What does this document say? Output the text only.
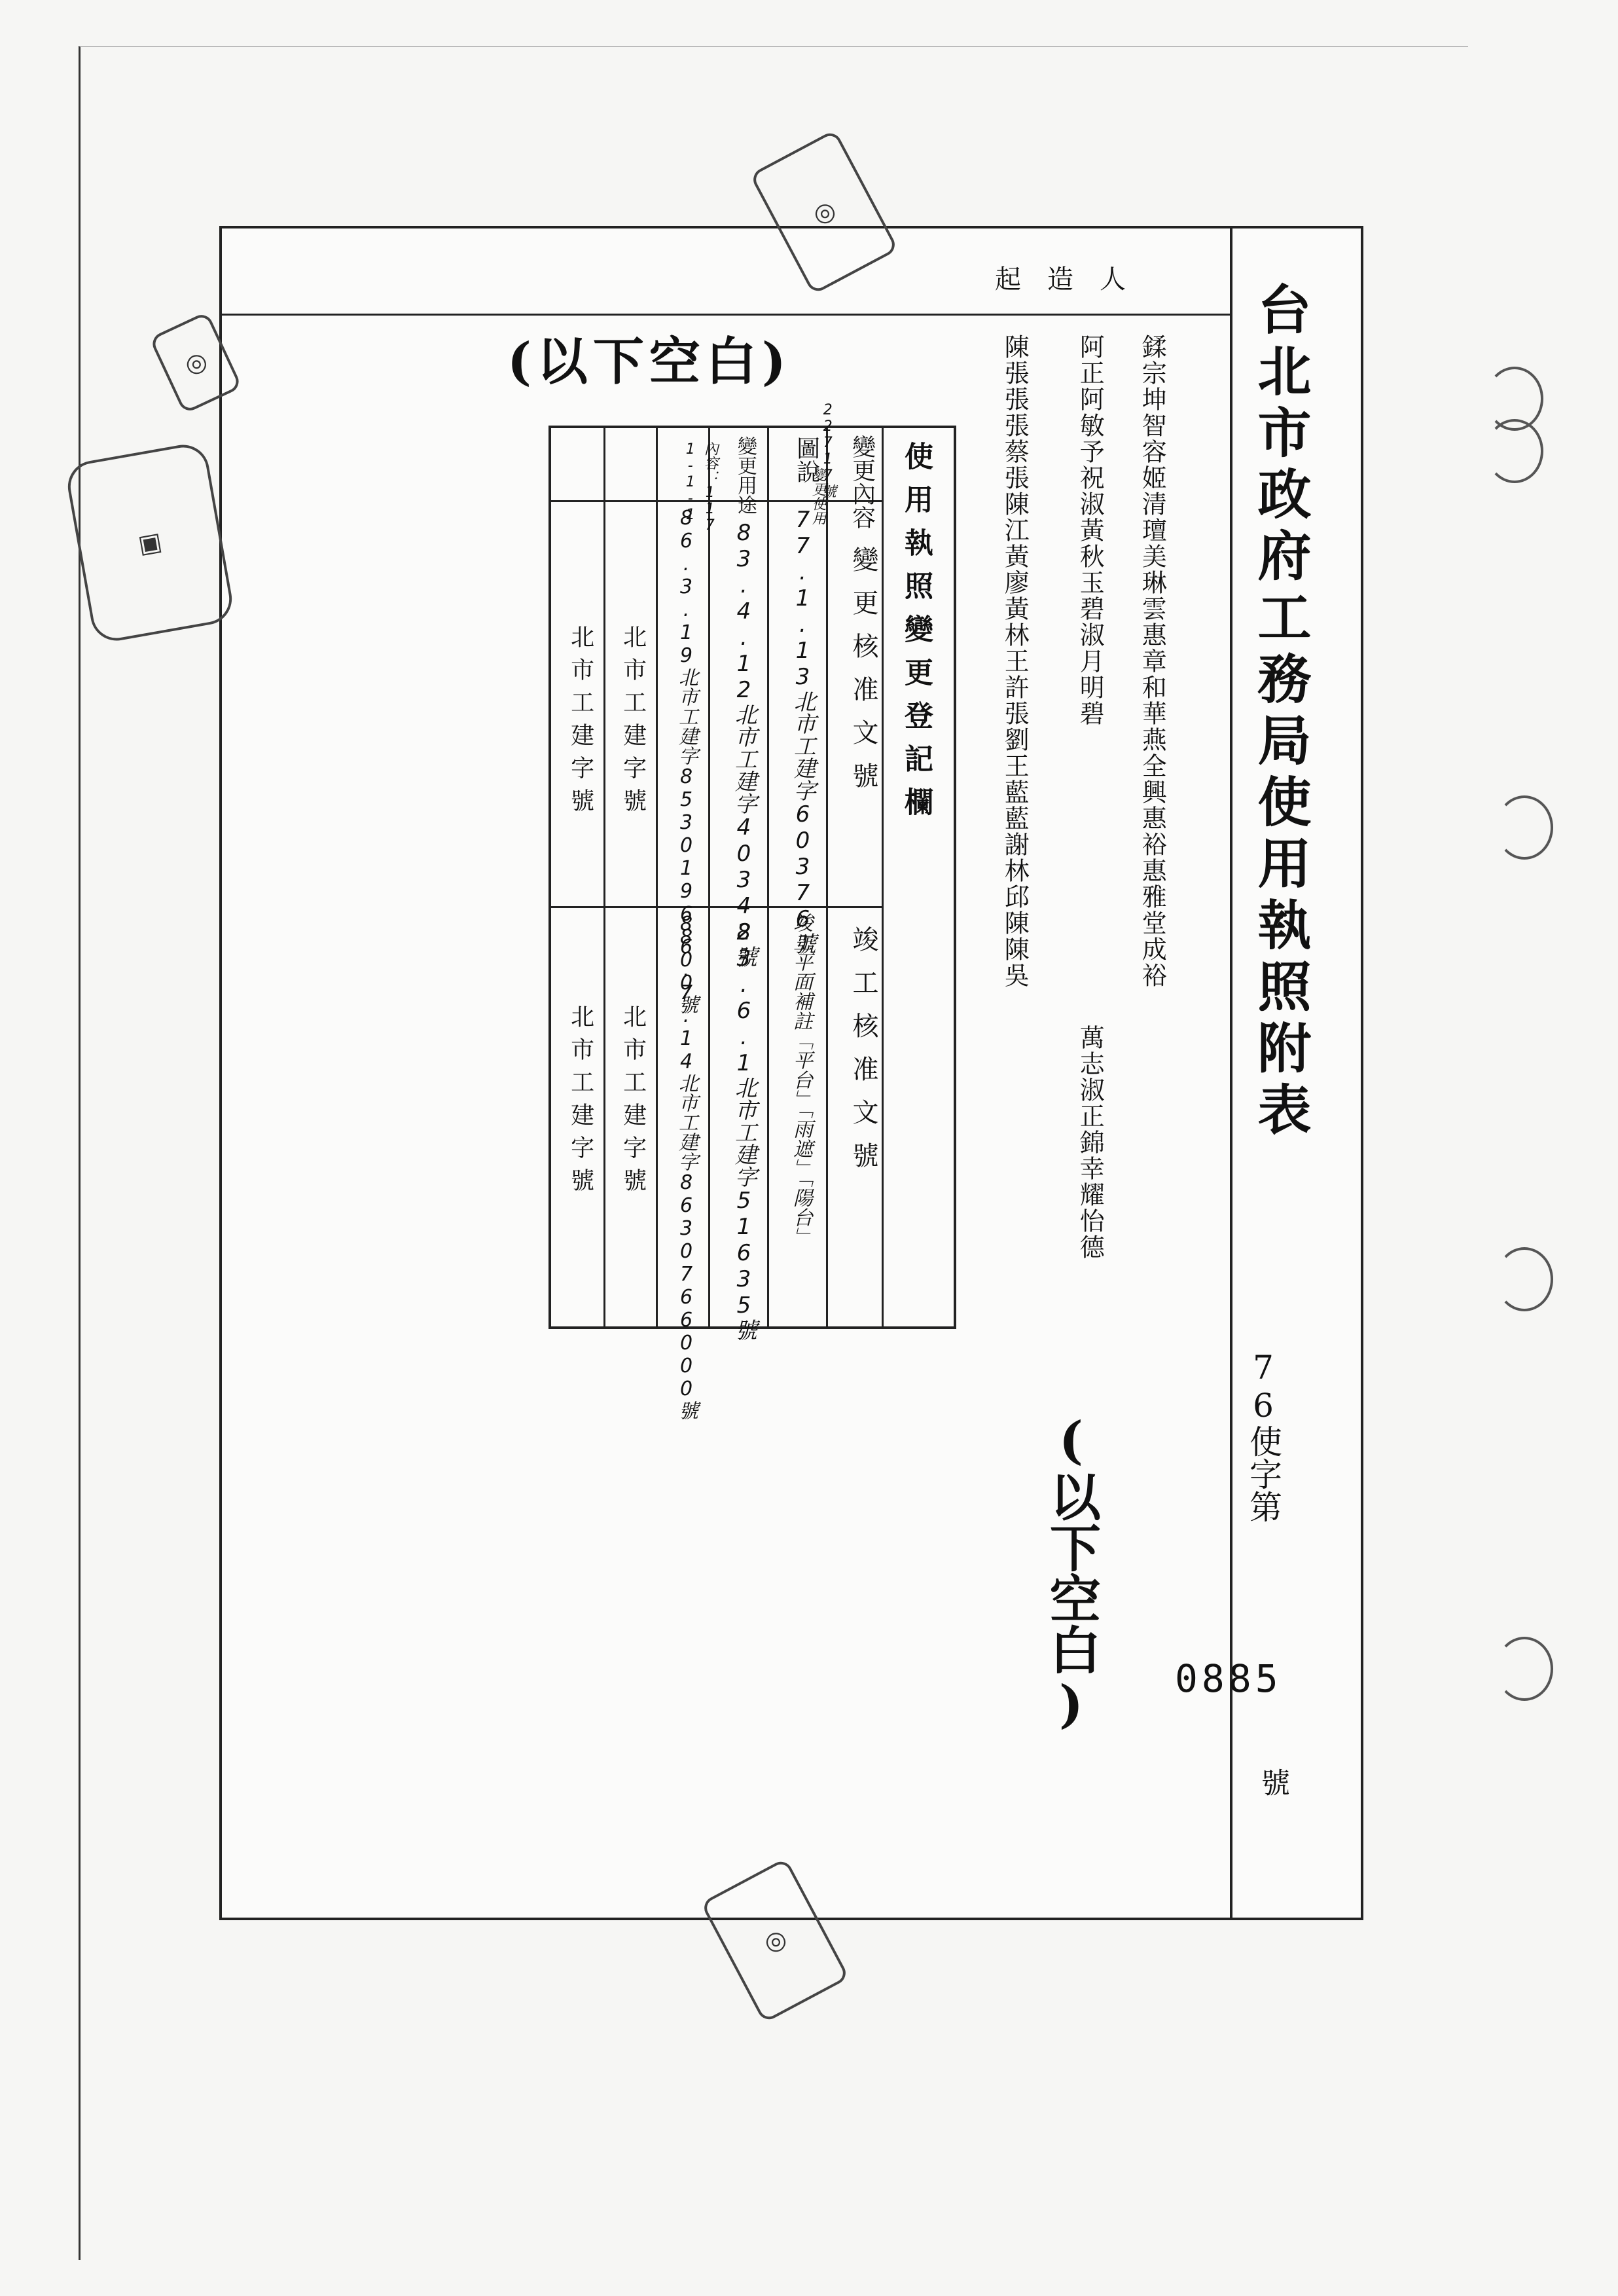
台北市政府工務局使用執照附表
76使字第
0885
號
起造人
鍒宗坤智容姬清璮美琳雲惠章和華燕全興惠裕惠雅堂成裕
阿正阿敏予祝淑黃秋玉碧淑月明碧
萬志淑正錦幸耀怡德
陳張張張蔡張陳江黃廖黃林王許張劉王藍藍謝林邱陳陳吳
(以下空白)
(以下空白)
使用執照變更登記欄
變更內容
變更核准文號
竣工核准文號
圖說
77.1.13北市工建字60376號
竣工平面補註「平台」「雨遮」「陽台」
變更用途
83.4.12北市工建字40342號
83.6.1北市工建字51635號
86.3.19北市工建字8530196800號
86.7.14北市工建字8630766000號
北市工建字號
北市工建字號
北市工建字號
北市工建字號
22717號
變更使用
內容：117
1-1-1
◎
◎
▣
◎
